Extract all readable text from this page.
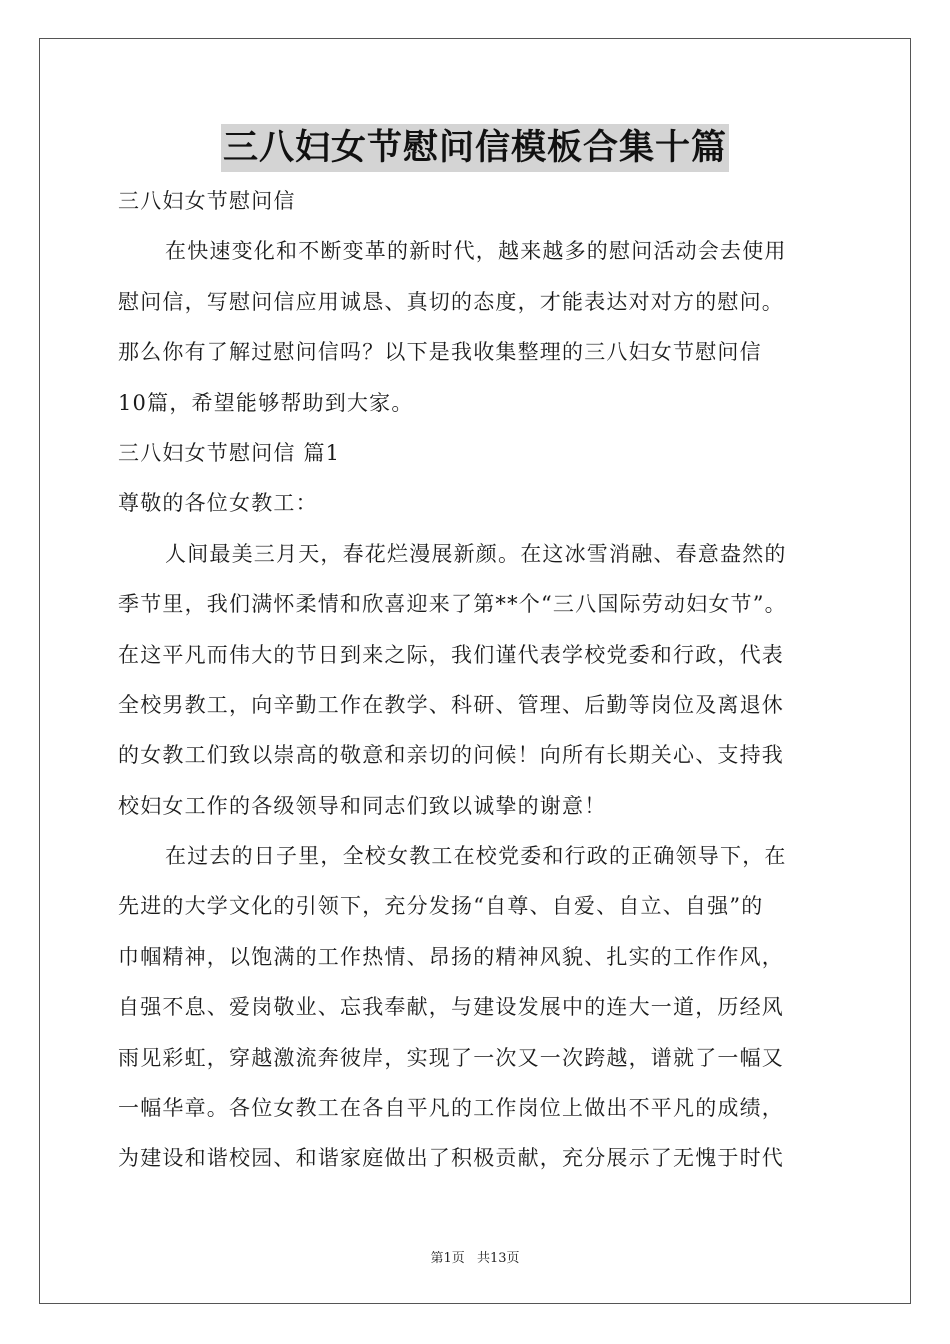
三八妇女节慰问信模板合集十篇
三八妇女节慰问信
在快速变化和不断变革的新时代，越来越多的慰问活动会去使用
慰问信，写慰问信应用诚恳、真切的态度，才能表达对对方的慰问。
那么你有了解过慰问信吗？以下是我收集整理的三八妇女节慰问信
10篇，希望能够帮助到大家。
三八妇女节慰问信 篇1
尊敬的各位女教工：
人间最美三月天，春花烂漫展新颜。在这冰雪消融、春意盎然的
季节里，我们满怀柔情和欣喜迎来了第**个“三八国际劳动妇女节”。
在这平凡而伟大的节日到来之际，我们谨代表学校党委和行政，代表
全校男教工，向辛勤工作在教学、科研、管理、后勤等岗位及离退休
的女教工们致以崇高的敬意和亲切的问候！向所有长期关心、支持我
校妇女工作的各级领导和同志们致以诚挚的谢意！
在过去的日子里，全校女教工在校党委和行政的正确领导下，在
先进的大学文化的引领下，充分发扬“自尊、自爱、自立、自强”的
巾帼精神，以饱满的工作热情、昂扬的精神风貌、扎实的工作作风，
自强不息、爱岗敬业、忘我奉献，与建设发展中的连大一道，历经风
雨见彩虹，穿越激流奔彼岸，实现了一次又一次跨越，谱就了一幅又
一幅华章。各位女教工在各自平凡的工作岗位上做出不平凡的成绩，
为建设和谐校园、和谐家庭做出了积极贡献，充分展示了无愧于时代
第1页 共13页
